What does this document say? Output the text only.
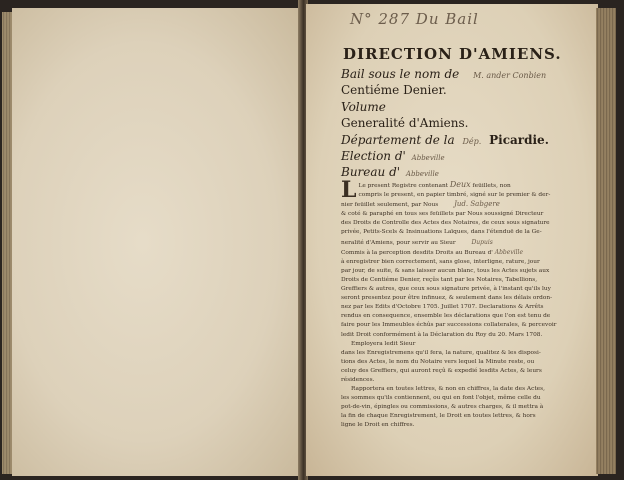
N° 287 Du Bail
DIRECTION D'AMIENS.
Bail sous le nom de M. ander Conbien
Centiéme Denier.
Volume
Generalité d'Amiens.
Département de la Dép. Picardie.
Election d' Abbeville
Bureau d' Abbeville

L Le present Registre contenant Deux feüillets, non

compris le present, en papier timbré, signé sur le premier & der-

nier feüillet seulement, par Nous Jud. Sabgere

& coté & paraphé en tous ses feüillets par Nous soussigné Directeur

des Droits de Controlle des Actes des Notaires, de ceux sous signature

privée, Petits-Scels & Insinuations Laïques, dans l'étenduë de la Ge-

neralité d'Amiens, pour servir au Sieur	Dupuis

Commis à la perception desdits Droits au Bureau d' Abbeville

à enregistrer bien correctement, sans glose, interligne, rature, jour

par jour, de suite, & sans laisser aucun blanc, tous les Actes sujets aux

Droits de Centiéme Denier, reçûs tant par les Notaires, Tabellions,

Greffiers & autres, que ceux sous signature privée, à l'instant qu'ils luy

seront presentez pour être infinuez, & seulement dans les délais ordon-

nez par les Edits d'Octobre 1705. Juillet 1707. Declarations & Arrêts

rendus en consequence, ensemble les déclarations que l'on est tenu de

faire pour les Immeubles échûs par successions collaterales, & percevoir

ledit Droit conformément à la Déclaration du Roy du 20. Mars 1708.

Employera ledit Sieur

dans les Enregistremens qu'il fera, la nature, qualitez & les disposi-

tions des Actes, le nom du Notaire vers lequel la Minute reste, ou

celuy des Greffiers, qui auront reçû & expedié lesdits Actes, & leurs

résidences.

Rapportera en toutes lettres, & non en chiffres, la date des Actes,

les sommes qu'ils contiennent, ou qui en font l'objet, même celle du

pot-de-vin, épingles ou commissions, & autres charges, & il mettra à

la fin de chaque Enregistrement, le Droit en toutes lettres, & hors

ligne le Droit en chiffres.
